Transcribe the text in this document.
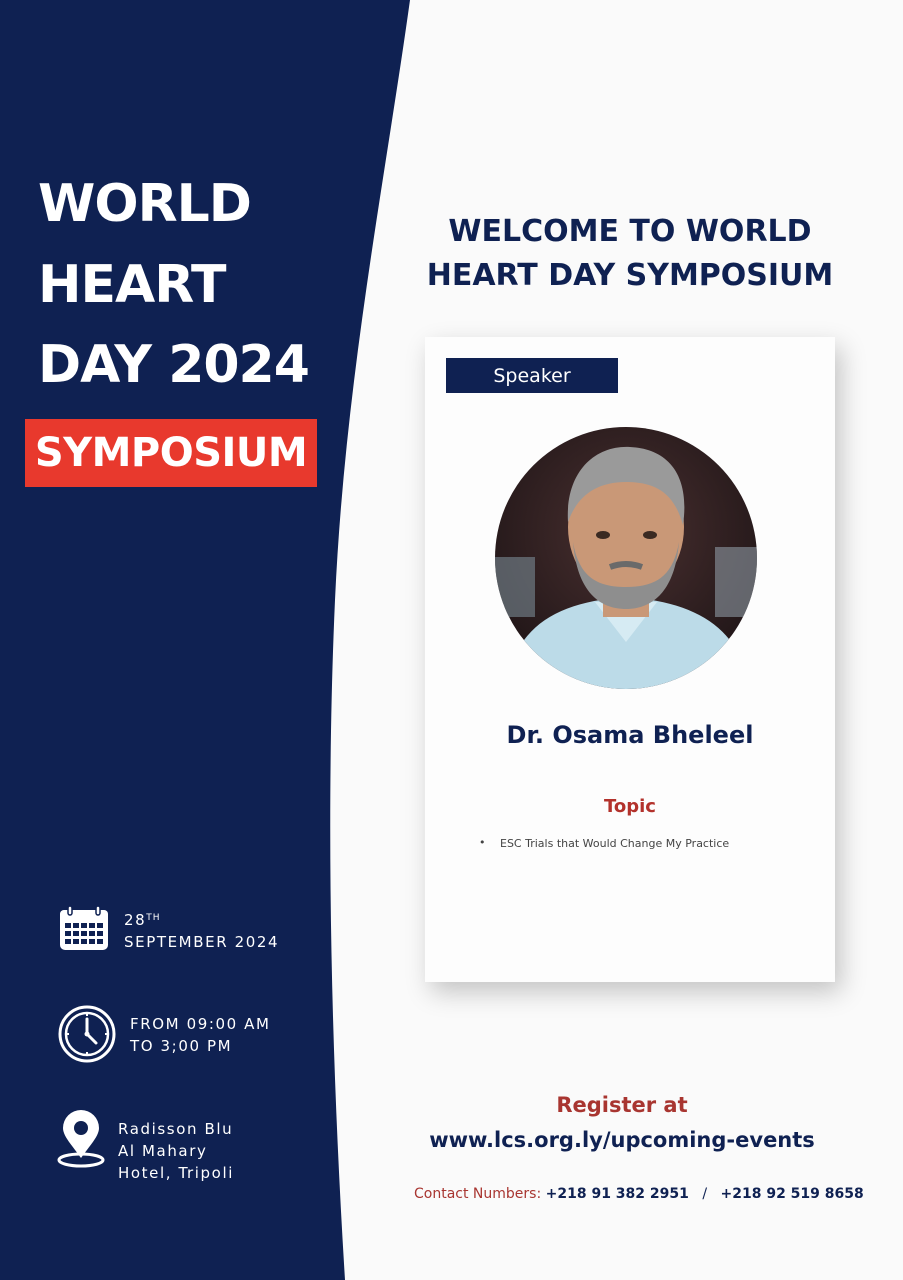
WORLD
HEART
DAY 2024
SYMPOSIUM
28TH
SEPTEMBER 2024
FROM 09:00 AM
TO 3;00 PM
Radisson Blu
Al Mahary
Hotel, Tripoli
WELCOME TO WORLD
HEART DAY SYMPOSIUM
Speaker
Dr. Osama Bheleel
Topic
• ESC Trials that Would Change My Practice
Register at
www.lcs.org.ly/upcoming-events
Contact Numbers: +218 91 382 2951 / +218 92 519 8658
